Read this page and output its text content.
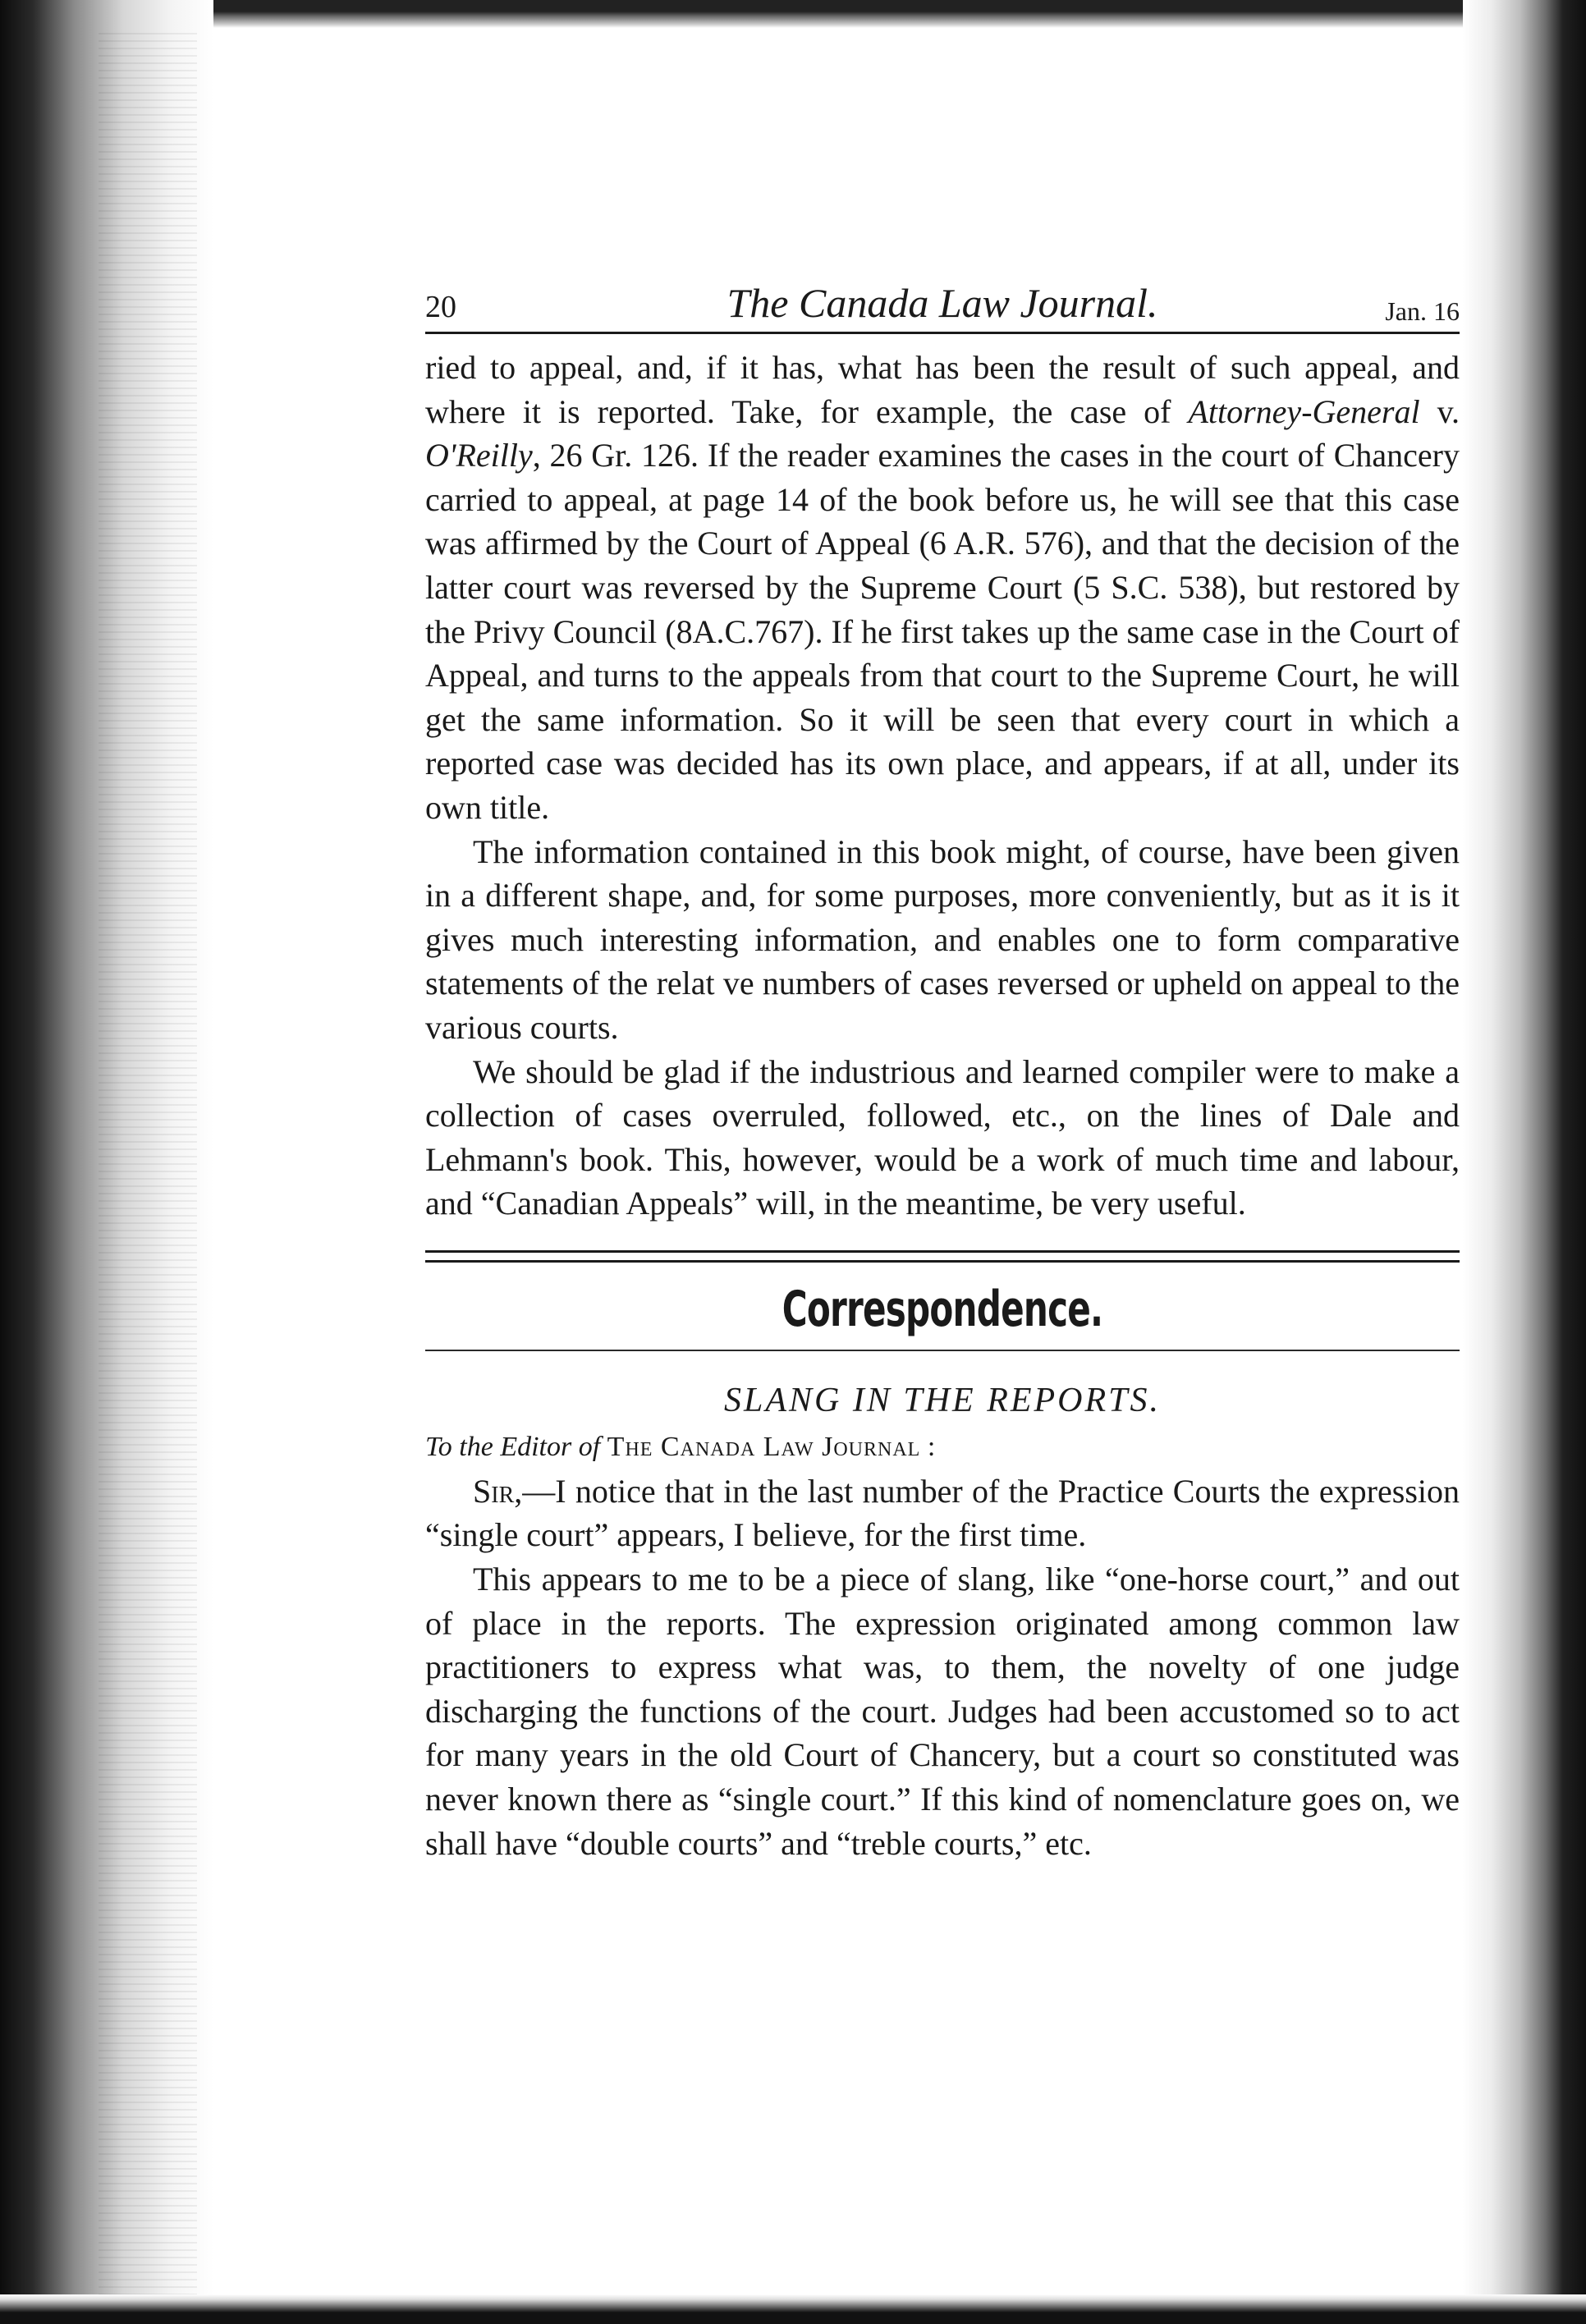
20	The Canada Law Journal.	Jan. 16

ried to appeal, and, if it has, what has been the result of such appeal, and where it is reported. Take, for example, the case of Attorney-General v. O'Reilly, 26 Gr. 126. If the reader examines the cases in the court of Chancery carried to appeal, at page 14 of the book before us, he will see that this case was affirmed by the Court of Appeal (6 A.R. 576), and that the decision of the latter court was reversed by the Supreme Court (5 S.C. 538), but restored by the Privy Council (8A.C.767). If he first takes up the same case in the Court of Appeal, and turns to the appeals from that court to the Supreme Court, he will get the same information. So it will be seen that every court in which a reported case was decided has its own place, and appears, if at all, under its own title.

The information contained in this book might, of course, have been given in a different shape, and, for some purposes, more conveniently, but as it is it gives much interesting information, and enables one to form comparative statements of the relat ve numbers of cases reversed or upheld on appeal to the various courts.

We should be glad if the industrious and learned compiler were to make a collection of cases overruled, followed, etc., on the lines of Dale and Lehmann's book. This, however, would be a work of much time and labour, and “Canadian Appeals” will, in the meantime, be very useful.

Correspondence.
SLANG IN THE REPORTS.
To the Editor of The Canada Law Journal :

Sir,—I notice that in the last number of the Practice Courts the expression “single court” appears, I believe, for the first time.

This appears to me to be a piece of slang, like “one-horse court,” and out of place in the reports. The expression originated among common law practitioners to express what was, to them, the novelty of one judge discharging the functions of the court. Judges had been accustomed so to act for many years in the old Court of Chancery, but a court so constituted was never known there as “single court.” If this kind of nomenclature goes on, we shall have “double courts” and “treble courts,” etc.
